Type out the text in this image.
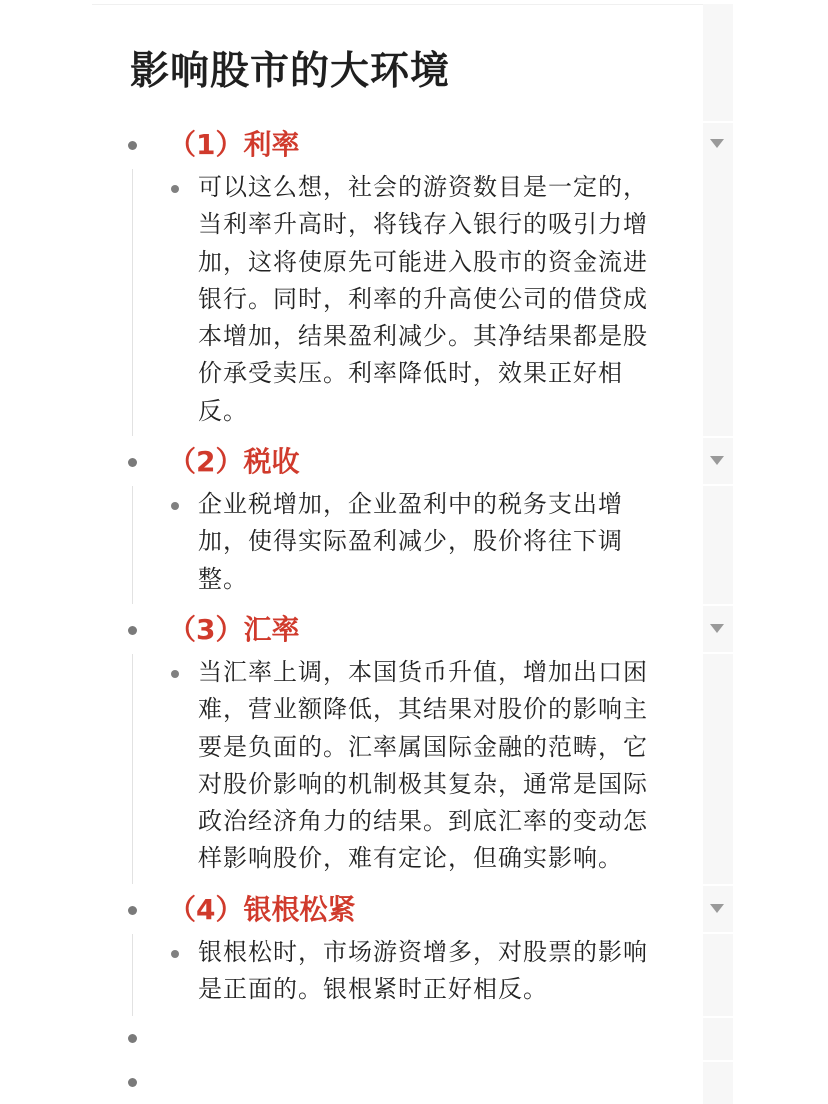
影响股市的大环境
（1）利率

可以这么想，社会的游资数目是一定的，当利率升高时，将钱存入银行的吸引力增加，这将使原先可能进入股市的资金流进银行。同时，利率的升高使公司的借贷成本增加，结果盈利减少。其净结果都是股价承受卖压。利率降低时，效果正好相反。

（2）税收

企业税增加，企业盈利中的税务支出增加，使得实际盈利减少，股价将往下调整。

（3）汇率

当汇率上调，本国货币升值，增加出口困难，营业额降低，其结果对股价的影响主要是负面的。汇率属国际金融的范畴，它对股价影响的机制极其复杂，通常是国际政治经济角力的结果。到底汇率的变动怎样影响股价，难有定论，但确实影响。

（4）银根松紧

银根松时，市场游资增多，对股票的影响是正面的。银根紧时正好相反。
